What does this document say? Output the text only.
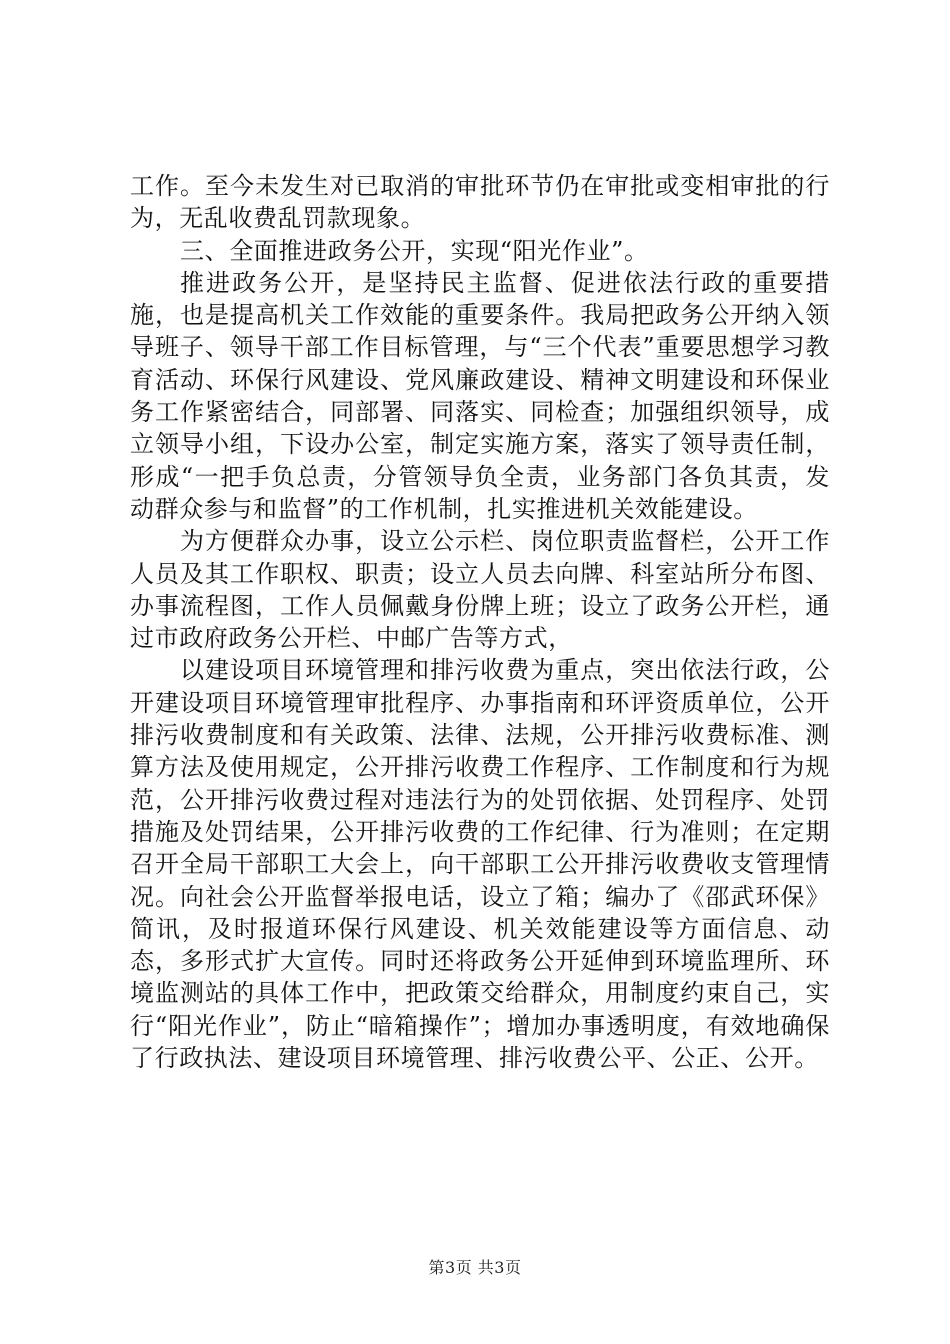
工作。至今未发生对已取消的审批环节仍在审批或变相审批的行为，无乱收费乱罚款现象。

三、全面推进政务公开，实现“阳光作业”。

推进政务公开，是坚持民主监督、促进依法行政的重要措施，也是提高机关工作效能的重要条件。我局把政务公开纳入领导班子、领导干部工作目标管理，与“三个代表”重要思想学习教育活动、环保行风建设、党风廉政建设、精神文明建设和环保业务工作紧密结合，同部署、同落实、同检查；加强组织领导，成立领导小组，下设办公室，制定实施方案，落实了领导责任制，形成“一把手负总责，分管领导负全责，业务部门各负其责，发动群众参与和监督”的工作机制，扎实推进机关效能建设。

为方便群众办事，设立公示栏、岗位职责监督栏，公开工作人员及其工作职权、职责；设立人员去向牌、科室站所分布图、办事流程图，工作人员佩戴身份牌上班；设立了政务公开栏，通过市政府政务公开栏、中邮广告等方式，

以建设项目环境管理和排污收费为重点，突出依法行政，公开建设项目环境管理审批程序、办事指南和环评资质单位，公开排污收费制度和有关政策、法律、法规，公开排污收费标准、测算方法及使用规定，公开排污收费工作程序、工作制度和行为规范，公开排污收费过程对违法行为的处罚依据、处罚程序、处罚措施及处罚结果，公开排污收费的工作纪律、行为准则；在定期召开全局干部职工大会上，向干部职工公开排污收费收支管理情况。向社会公开监督举报电话，设立了箱；编办了《邵武环保》简讯，及时报道环保行风建设、机关效能建设等方面信息、动态，多形式扩大宣传。同时还将政务公开延伸到环境监理所、环境监测站的具体工作中，把政策交给群众，用制度约束自己，实行“阳光作业”，防止“暗箱操作”；增加办事透明度，有效地确保了行政执法、建设项目环境管理、排污收费公平、公正、公开。

第3页 共3页
